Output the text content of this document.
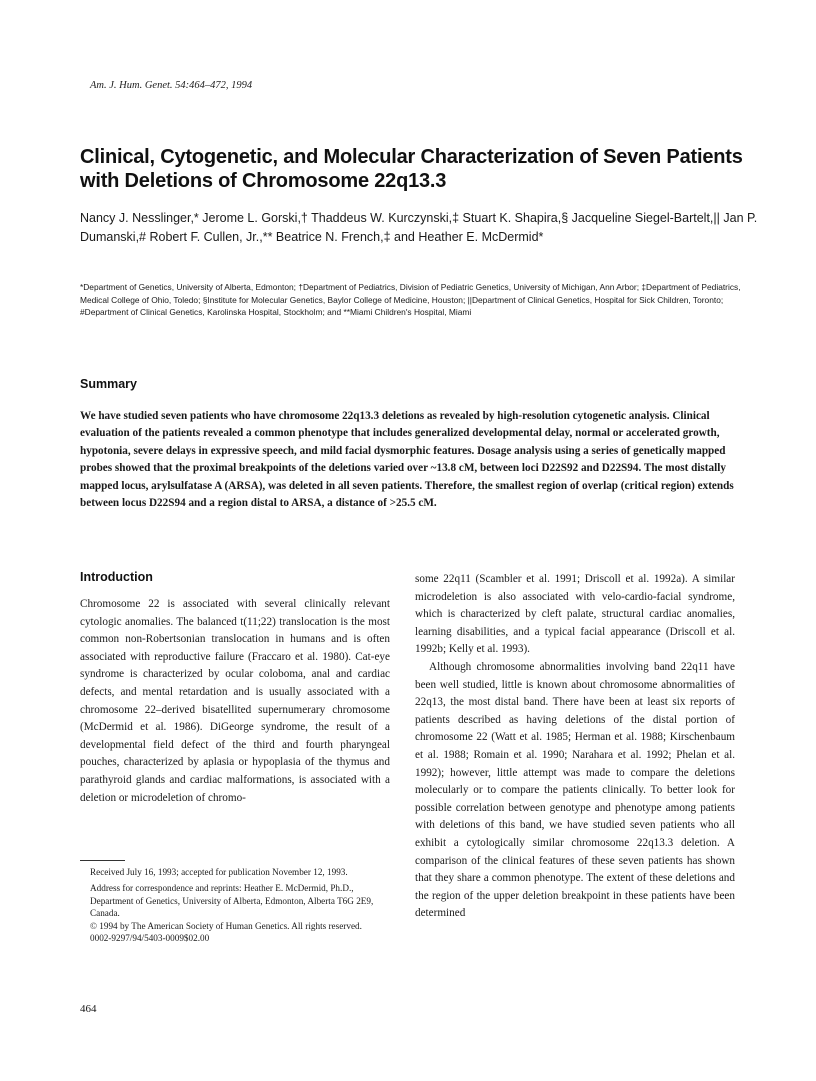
Am. J. Hum. Genet. 54:464–472, 1994
Clinical, Cytogenetic, and Molecular Characterization of Seven Patients with Deletions of Chromosome 22q13.3

Nancy J. Nesslinger,* Jerome L. Gorski,† Thaddeus W. Kurczynski,‡ Stuart K. Shapira,§ Jacqueline Siegel-Bartelt,|| Jan P. Dumanski,# Robert F. Cullen, Jr.,** Beatrice N. French,‡ and Heather E. McDermid*

*Department of Genetics, University of Alberta, Edmonton; †Department of Pediatrics, Division of Pediatric Genetics, University of Michigan, Ann Arbor; ‡Department of Pediatrics, Medical College of Ohio, Toledo; §Institute for Molecular Genetics, Baylor College of Medicine, Houston; ||Department of Clinical Genetics, Hospital for Sick Children, Toronto; #Department of Clinical Genetics, Karolinska Hospital, Stockholm; and **Miami Children's Hospital, Miami

Summary

We have studied seven patients who have chromosome 22q13.3 deletions as revealed by high-resolution cytogenetic analysis. Clinical evaluation of the patients revealed a common phenotype that includes generalized developmental delay, normal or accelerated growth, hypotonia, severe delays in expressive speech, and mild facial dysmorphic features. Dosage analysis using a series of genetically mapped probes showed that the proximal breakpoints of the deletions varied over ~13.8 cM, between loci D22S92 and D22S94. The most distally mapped locus, arylsulfatase A (ARSA), was deleted in all seven patients. Therefore, the smallest region of overlap (critical region) extends between locus D22S94 and a region distal to ARSA, a distance of >25.5 cM.

Introduction

Chromosome 22 is associated with several clinically relevant cytologic anomalies. The balanced t(11;22) translocation is the most common non-Robertsonian translocation in humans and is often associated with reproductive failure (Fraccaro et al. 1980). Cat-eye syndrome is characterized by ocular coloboma, anal and cardiac defects, and mental retardation and is usually associated with a chromosome 22–derived bisatellited supernumerary chromosome (McDermid et al. 1986). DiGeorge syndrome, the result of a developmental field defect of the third and fourth pharyngeal pouches, characterized by aplasia or hypoplasia of the thymus and parathyroid glands and cardiac malformations, is associated with a deletion or microdeletion of chromo-

some 22q11 (Scambler et al. 1991; Driscoll et al. 1992a). A similar microdeletion is also associated with velo-cardio-facial syndrome, which is characterized by cleft palate, structural cardiac anomalies, learning disabilities, and a typical facial appearance (Driscoll et al. 1992b; Kelly et al. 1993).

Although chromosome abnormalities involving band 22q11 have been well studied, little is known about chromosome abnormalities of 22q13, the most distal band. There have been at least six reports of patients described as having deletions of the distal portion of chromosome 22 (Watt et al. 1985; Herman et al. 1988; Kirschenbaum et al. 1988; Romain et al. 1990; Narahara et al. 1992; Phelan et al. 1992); however, little attempt was made to compare the deletions molecularly or to compare the patients clinically. To better look for possible correlation between genotype and phenotype among patients with deletions of this band, we have studied seven patients who all exhibit a cytologically similar chromosome 22q13.3 deletion. A comparison of the clinical features of these seven patients has shown that they share a common phenotype. The extent of these deletions and the region of the upper deletion breakpoint in these patients have been determined

Received July 16, 1993; accepted for publication November 12, 1993.

Address for correspondence and reprints: Heather E. McDermid, Ph.D., Department of Genetics, University of Alberta, Edmonton, Alberta T6G 2E9, Canada.

© 1994 by The American Society of Human Genetics. All rights reserved.

0002-9297/94/5403-0009$02.00

464
